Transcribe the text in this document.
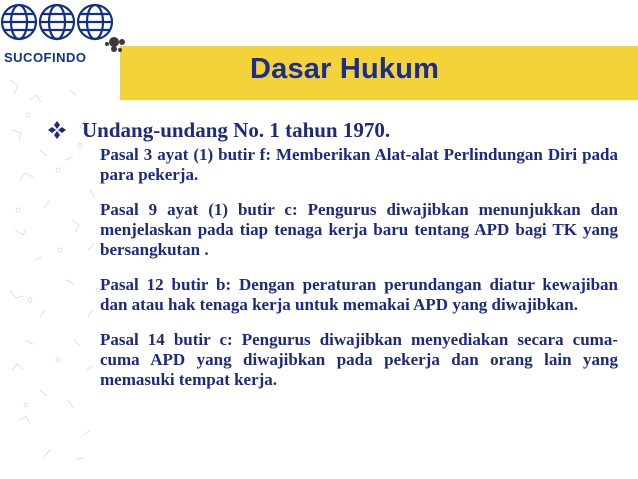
SUCOFINDO	Dasar Hukum
Undang-undang No. 1 tahun 1970.

Pasal 3 ayat (1) butir f: Memberikan Alat-alat Perlindungan Diri pada para pekerja.

Pasal 9 ayat (1) butir c: Pengurus diwajibkan menunjukkan dan menjelaskan pada tiap tenaga kerja baru tentang APD bagi TK yang bersangkutan .

Pasal 12 butir b: Dengan peraturan perundangan diatur kewajiban dan atau hak tenaga kerja untuk memakai APD yang diwajibkan.

Pasal 14 butir c: Pengurus diwajibkan menyediakan secara cuma-cuma APD yang diwajibkan pada pekerja dan orang lain yang memasuki tempat kerja.
